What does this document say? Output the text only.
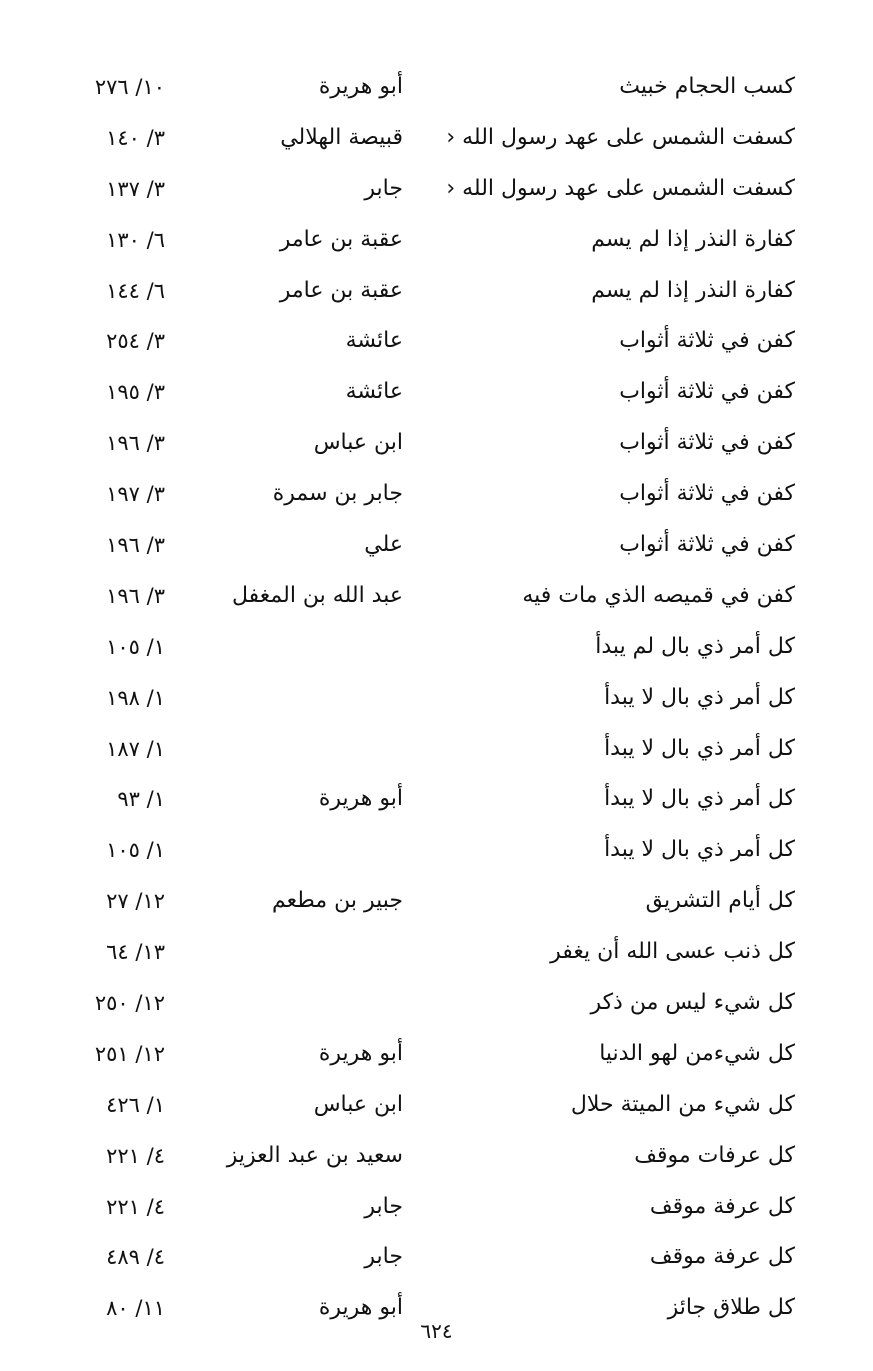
كسب الحجام خبيث
أبو هريرة
١٠/ ٢٧٦
كسفت الشمس على عهد رسول الله ‹
قبيصة الهلالي
٣/ ١٤٠
كسفت الشمس على عهد رسول الله ‹
جابر
٣/ ١٣٧
كفارة النذر إذا لم يسم
عقبة بن عامر
٦/ ١٣٠
كفارة النذر إذا لم يسم
عقبة بن عامر
٦/ ١٤٤
كفن في ثلاثة أثواب
عائشة
٣/ ٢٥٤
كفن في ثلاثة أثواب
عائشة
٣/ ١٩٥
كفن في ثلاثة أثواب
ابن عباس
٣/ ١٩٦
كفن في ثلاثة أثواب
جابر بن سمرة
٣/ ١٩٧
كفن في ثلاثة أثواب
علي
٣/ ١٩٦
كفن في قميصه الذي مات فيه
عبد الله بن المغفل
٣/ ١٩٦
كل أمر ذي بال لم يبدأ
١/ ١٠٥
كل أمر ذي بال لا يبدأ
١/ ١٩٨
كل أمر ذي بال لا يبدأ
١/ ١٨٧
كل أمر ذي بال لا يبدأ
أبو هريرة
١/ ٩٣
كل أمر ذي بال لا يبدأ
١/ ١٠٥
كل أيام التشريق
جبير بن مطعم
١٢/ ٢٧
كل ذنب عسى الله أن يغفر
١٣/ ٦٤
كل شيء ليس من ذكر
١٢/ ٢٥٠
كل شيءمن لهو الدنيا
أبو هريرة
١٢/ ٢٥١
كل شيء من الميتة حلال
ابن عباس
١/ ٤٢٦
كل عرفات موقف
سعيد بن عبد العزيز
٤/ ٢٢١
كل عرفة موقف
جابر
٤/ ٢٢١
كل عرفة موقف
جابر
٤/ ٤٨٩
كل طلاق جائز
أبو هريرة
١١/ ٨٠
٦٢٤
